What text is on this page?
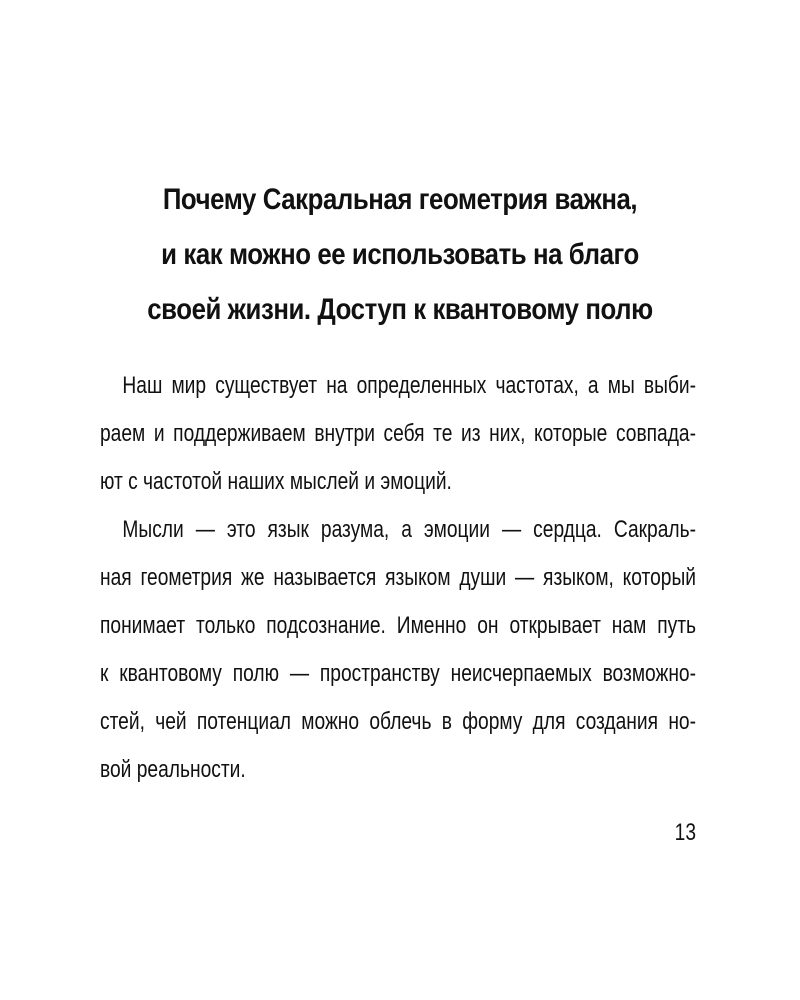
Почему Сакральная геометрия важна,
и как можно ее использовать на благо
своей жизни. Доступ к квантовому полю
Наш мир существует на определенных частотах, а мы выби-
раем и поддерживаем внутри себя те из них, которые совпада-
ют с частотой наших мыслей и эмоций.
Мысли — это язык разума, а эмоции — сердца. Сакраль-
ная геометрия же называется языком души — языком, который
понимает только подсознание. Именно он открывает нам путь
к квантовому полю — пространству неисчерпаемых возможно-
стей, чей потенциал можно облечь в форму для создания но-
вой реальности.
13
